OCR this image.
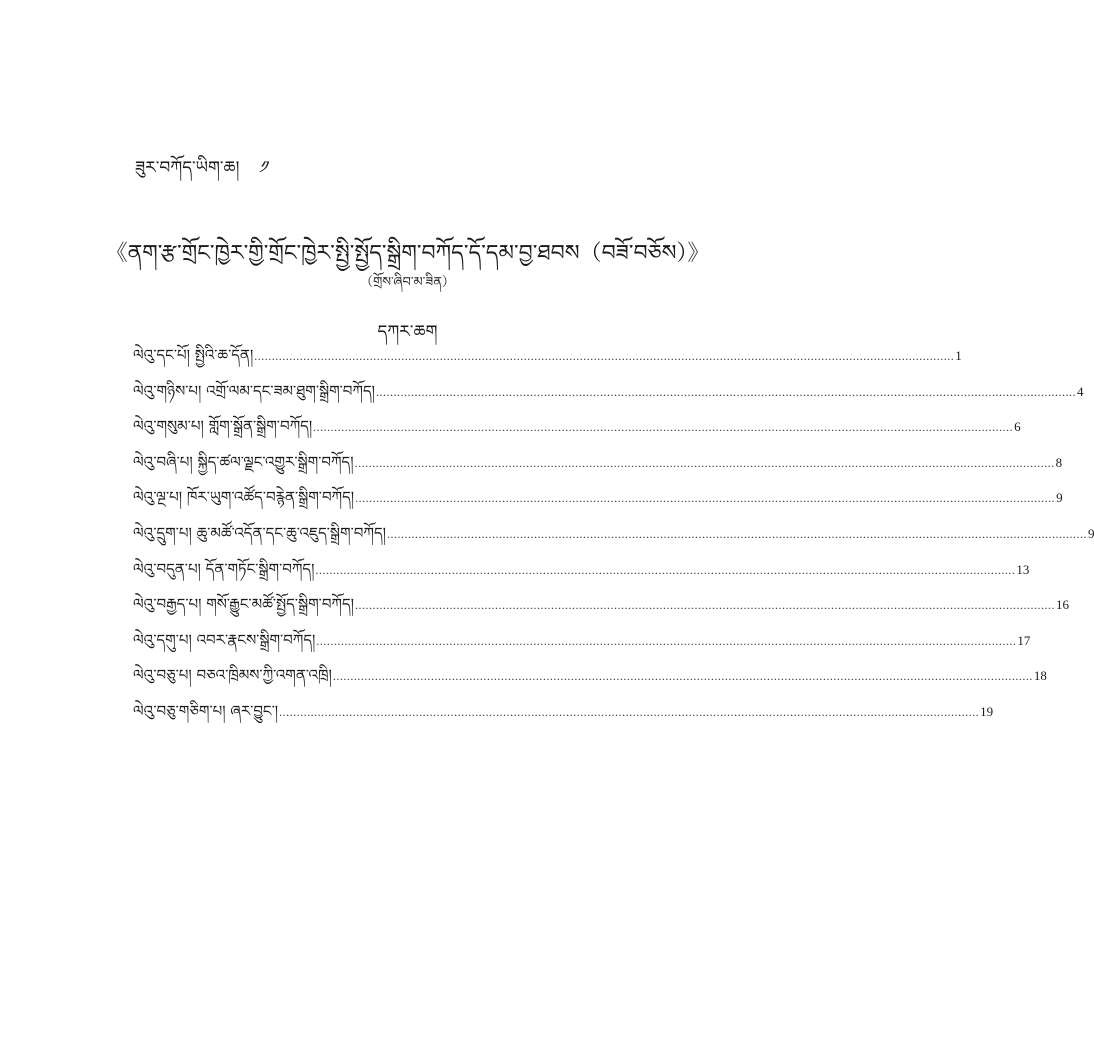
ཟུར་བཀོད་ཡིག་ཆ། ༡
《ནག་རྩ་གྲོང་ཁྱེར་གྱི་གྲོང་ཁྱེར་སྤྱི་སྤྱོད་སྒྲིག་བཀོད་དོ་དམ་བྱ་ཐབས（བཟོ་བཅོས）》
（གྲོས་ཞིབ་མ་ཟིན）
དཀར་ཆག
ལེའུ་དང་པོ། སྤྱིའི་ཆ་དོན། ........................................................................................................................................................................................................ 1
ལེའུ་གཉིས་པ། འགྲོ་ལམ་དང་ཟམ་ཐུག་སྒྲིག་བཀོད། ........................................................................................................................................................................................................ 4
ལེའུ་གསུམ་པ། གློག་སྒྲོན་སྒྲིག་བཀོད། ........................................................................................................................................................................................................ 6
ལེའུ་བཞི་པ། སྐྱིད་ཚལ་ལྗང་འགྱུར་སྒྲིག་བཀོད། ........................................................................................................................................................................................................ 8
ལེའུ་ལྔ་པ། ཁོར་ཡུག་འཚོད་བརྙེན་སྒྲིག་བཀོད། ........................................................................................................................................................................................................ 9
ལེའུ་དྲུག་པ། ཆུ་མཚོ་འདོན་དང་ཆུ་འཇུད་སྒྲིག་བཀོད། ........................................................................................................................................................................................................ 9
ལེའུ་བདུན་པ། དོན་གཏོང་སྒྲིག་བཀོད། ........................................................................................................................................................................................................ 13
ལེའུ་བརྒྱད་པ། གསོ་རྒྱུང་མཚོ་སྤྱོད་སྒྲིག་བཀོད། ........................................................................................................................................................................................................ 16
ལེའུ་དགུ་པ། འབར་རྣངས་སྒྲིག་བཀོད། ........................................................................................................................................................................................................ 17
ལེའུ་བཅུ་པ། བཅའ་ཁྲིམས་ཀྱི་འགན་འཁྲི། ........................................................................................................................................................................................................ 18
ལེའུ་བཅུ་གཅིག་པ། ཞར་བྱུང་། ........................................................................................................................................................................................................ 19
